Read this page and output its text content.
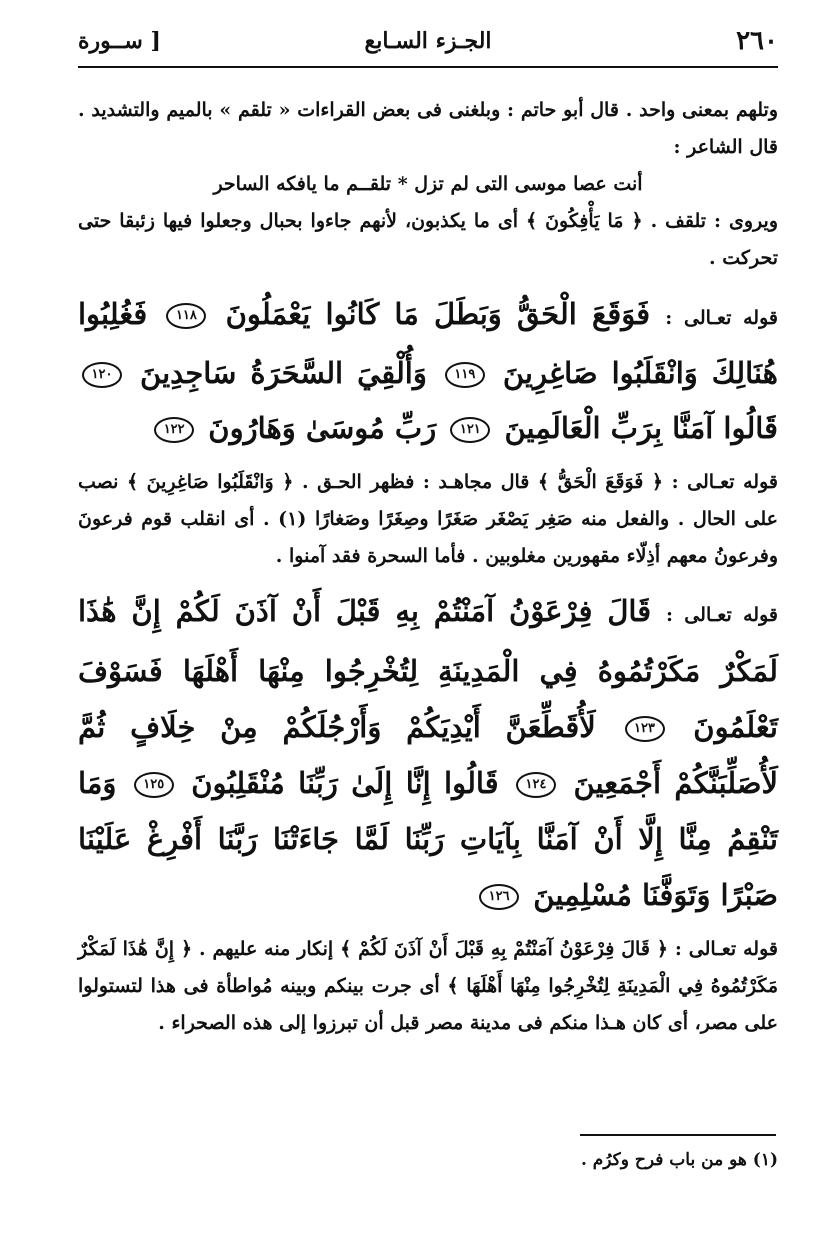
٢٦٠
الجـزء السـابع
[ ســورة

وتلهم بمعنى واحد . قال أبو حاتم : وبلغنى فى بعض القراءات « تلقم » بالميم والتشديد . قال الشاعر :

أنت عصا موسى التى لم تزل * تلقــم ما يافكه الساحر

ويروى : تلقف . ﴿ مَا يَأْفِكُونَ ﴾ أى ما يكذبون، لأنهم جاءوا بحبال وجعلوا فيها زئبقا حتى تحركت .

قوله تعـالى : فَوَقَعَ الْحَقُّ وَبَطَلَ مَا كَانُوا يَعْمَلُونَ ١١٨ فَغُلِبُوا هُنَالِكَ وَانْقَلَبُوا صَاغِرِينَ ١١٩ وَأُلْقِيَ السَّحَرَةُ سَاجِدِينَ ١٢٠ قَالُوا آمَنَّا بِرَبِّ الْعَالَمِينَ ١٢١ رَبِّ مُوسَىٰ وَهَارُونَ ١٢٢

قوله تعـالى : ﴿ فَوَقَعَ الْحَقُّ ﴾ قال مجاهـد : فظهر الحـق . ﴿ وَانْقَلَبُوا صَاغِرِينَ ﴾ نصب على الحال . والفعل منه صَغِر يَصْغَر صَغَرًا وصِغَرًا وصَغارًا (١) . أى انقلب قوم فرعونَ وفرعونُ معهم أذِلّاء مقهورين مغلوبين . فأما السحرة فقد آمنوا .

قوله تعـالى : قَالَ فِرْعَوْنُ آمَنْتُمْ بِهِ قَبْلَ أَنْ آذَنَ لَكُمْ إِنَّ هَٰذَا لَمَكْرٌ مَكَرْتُمُوهُ فِي الْمَدِينَةِ لِتُخْرِجُوا مِنْهَا أَهْلَهَا فَسَوْفَ تَعْلَمُونَ ١٢٣ لَأُقَطِّعَنَّ أَيْدِيَكُمْ وَأَرْجُلَكُمْ مِنْ خِلَافٍ ثُمَّ لَأُصَلِّبَنَّكُمْ أَجْمَعِينَ ١٢٤ قَالُوا إِنَّا إِلَىٰ رَبِّنَا مُنْقَلِبُونَ ١٢٥ وَمَا تَنْقِمُ مِنَّا إِلَّا أَنْ آمَنَّا بِآيَاتِ رَبِّنَا لَمَّا جَاءَتْنَا رَبَّنَا أَفْرِغْ عَلَيْنَا صَبْرًا وَتَوَفَّنَا مُسْلِمِينَ ١٢٦

قوله تعـالى : ﴿ قَالَ فِرْعَوْنُ آمَنْتُمْ بِهِ قَبْلَ أَنْ آذَنَ لَكُمْ ﴾ إنكار منه عليهم . ﴿ إِنَّ هَٰذَا لَمَكْرٌ مَكَرْتُمُوهُ فِي الْمَدِينَةِ لِتُخْرِجُوا مِنْهَا أَهْلَهَا ﴾ أى جرت بينكم وبينه مُواطأة فى هذا لتستولوا على مصر، أى كان هـذا منكم فى مدينة مصر قبل أن تبرزوا إلى هذه الصحراء .

(١) هو من باب فرح وكرُم .
